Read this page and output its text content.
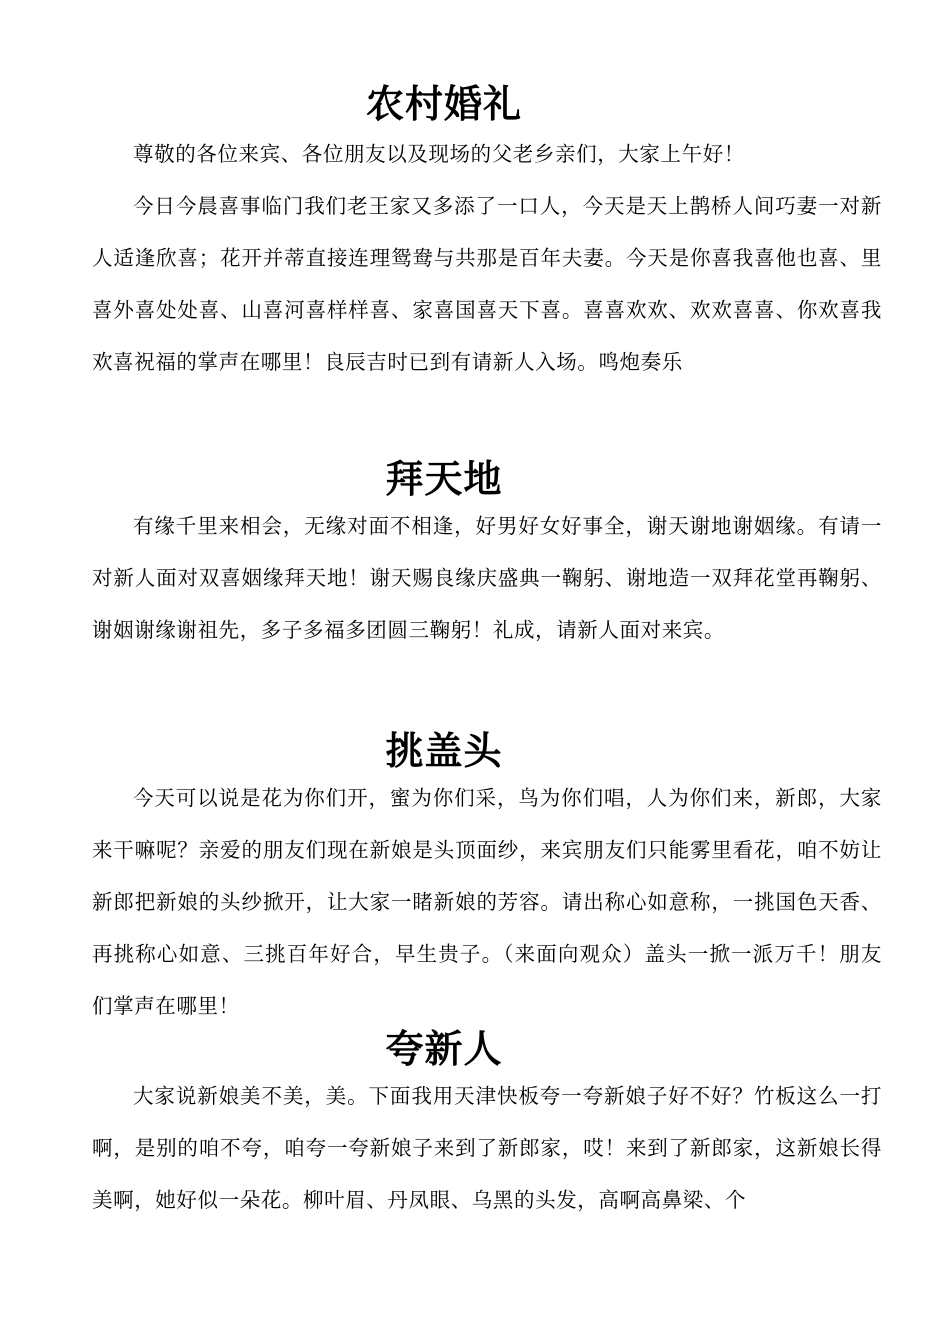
农村婚礼

尊敬的各位来宾、各位朋友以及现场的父老乡亲们，大家上午好！

今日今晨喜事临门我们老王家又多添了一口人，今天是天上鹊桥人间巧妻一对新人适逢欣喜；花开并蒂直接连理鸳鸯与共那是百年夫妻。今天是你喜我喜他也喜、里喜外喜处处喜、山喜河喜样样喜、家喜国喜天下喜。喜喜欢欢、欢欢喜喜、你欢喜我欢喜祝福的掌声在哪里！良辰吉时已到有请新人入场。鸣炮奏乐

拜天地

有缘千里来相会，无缘对面不相逢，好男好女好事全，谢天谢地谢姻缘。有请一对新人面对双喜姻缘拜天地！谢天赐良缘庆盛典一鞠躬、谢地造一双拜花堂再鞠躬、谢姻谢缘谢祖先，多子多福多团圆三鞠躬！礼成，请新人面对来宾。

挑盖头

今天可以说是花为你们开，蜜为你们采，鸟为你们唱，人为你们来，新郎，大家来干嘛呢？亲爱的朋友们现在新娘是头顶面纱，来宾朋友们只能雾里看花，咱不妨让新郎把新娘的头纱掀开，让大家一睹新娘的芳容。请出称心如意称，一挑国色天香、再挑称心如意、三挑百年好合，早生贵子。（来面向观众）盖头一掀一派万千！朋友们掌声在哪里！

夸新人

大家说新娘美不美，美。下面我用天津快板夸一夸新娘子好不好？竹板这么一打啊，是别的咱不夸，咱夸一夸新娘子来到了新郎家，哎！来到了新郎家，这新娘长得美啊，她好似一朵花。柳叶眉、丹凤眼、乌黑的头发，高啊高鼻梁、个
